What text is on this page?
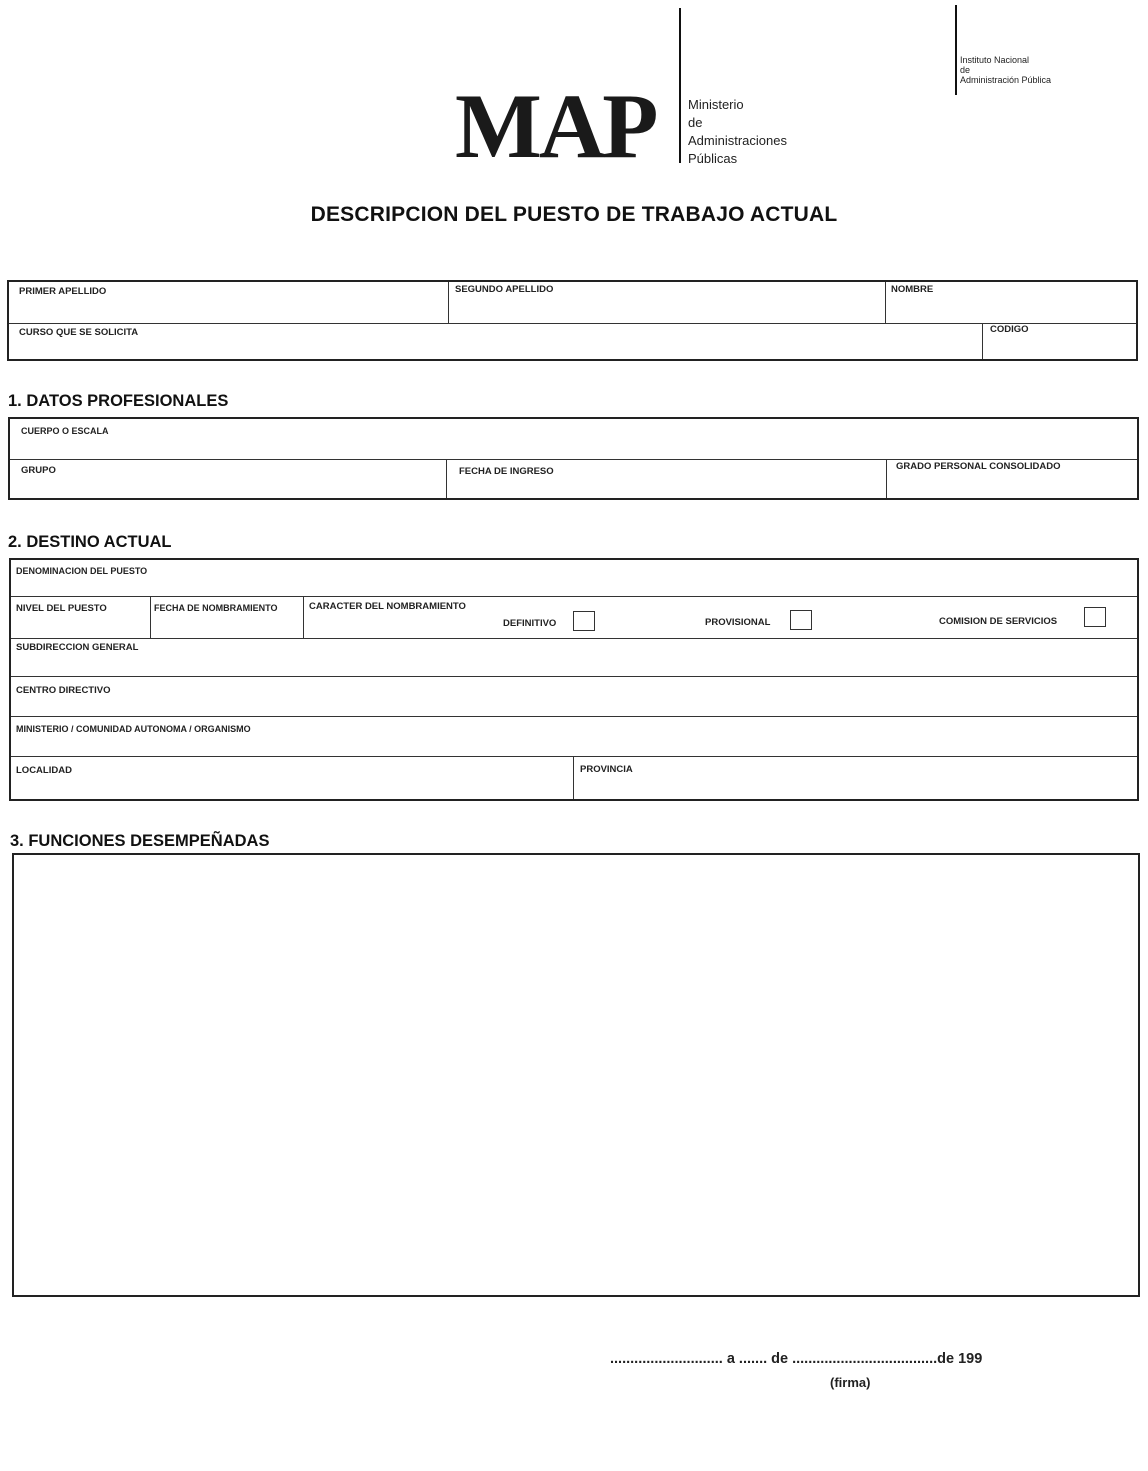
MAP	Ministerio
de
Administraciones
Públicas
Instituto Nacional
de
Administración Pública
DESCRIPCION DEL PUESTO DE TRABAJO ACTUAL
PRIMER APELLIDO	SEGUNDO APELLIDO	NOMBRE
CURSO QUE SE SOLICITA	CODIGO
1. DATOS PROFESIONALES
CUERPO O ESCALA
GRUPO	FECHA DE INGRESO	GRADO PERSONAL CONSOLIDADO
2. DESTINO ACTUAL
DENOMINACION DEL PUESTO
NIVEL DEL PUESTO	FECHA DE NOMBRAMIENTO	CARACTER DEL NOMBRAMIENTO
DEFINITIVO	PROVISIONAL	COMISION DE SERVICIOS
SUBDIRECCION GENERAL
CENTRO DIRECTIVO
MINISTERIO / COMUNIDAD AUTONOMA / ORGANISMO
LOCALIDAD	PROVINCIA
3. FUNCIONES DESEMPEÑADAS
............................ a ....... de ....................................de 199
(firma)
